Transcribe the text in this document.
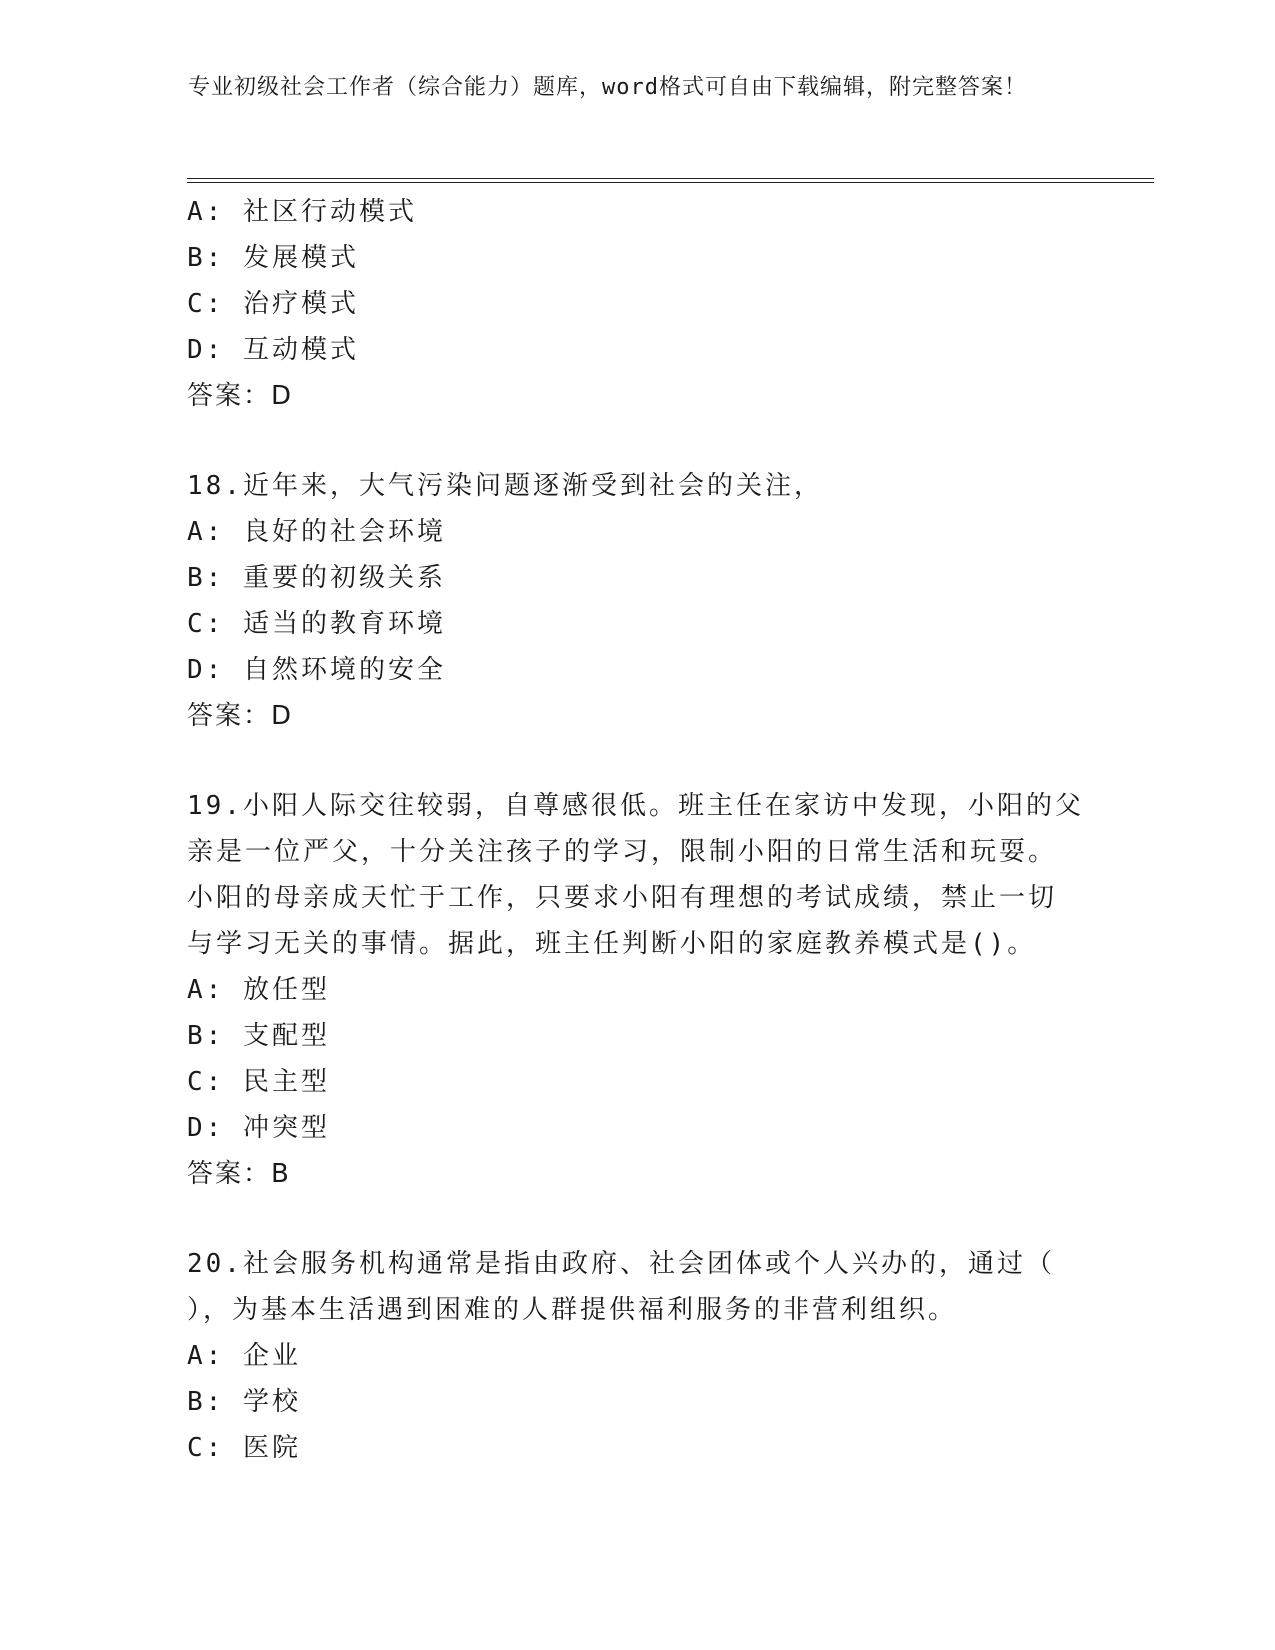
专业初级社会工作者（综合能力）题库，word格式可自由下载编辑，附完整答案！
A: 社区行动模式
B: 发展模式
C: 治疗模式
D: 互动模式
答案：D
18.近年来，大气污染问题逐渐受到社会的关注，
A: 良好的社会环境
B: 重要的初级关系
C: 适当的教育环境
D: 自然环境的安全
答案：D
19.小阳人际交往较弱，自尊感很低。班主任在家访中发现，小阳的父
亲是一位严父，十分关注孩子的学习，限制小阳的日常生活和玩耍。
小阳的母亲成天忙于工作，只要求小阳有理想的考试成绩，禁止一切
与学习无关的事情。据此，班主任判断小阳的家庭教养模式是()。
A: 放任型
B: 支配型
C: 民主型
D: 冲突型
答案：B
20.社会服务机构通常是指由政府、社会团体或个人兴办的，通过（
），为基本生活遇到困难的人群提供福利服务的非营利组织。
A: 企业
B: 学校
C: 医院
